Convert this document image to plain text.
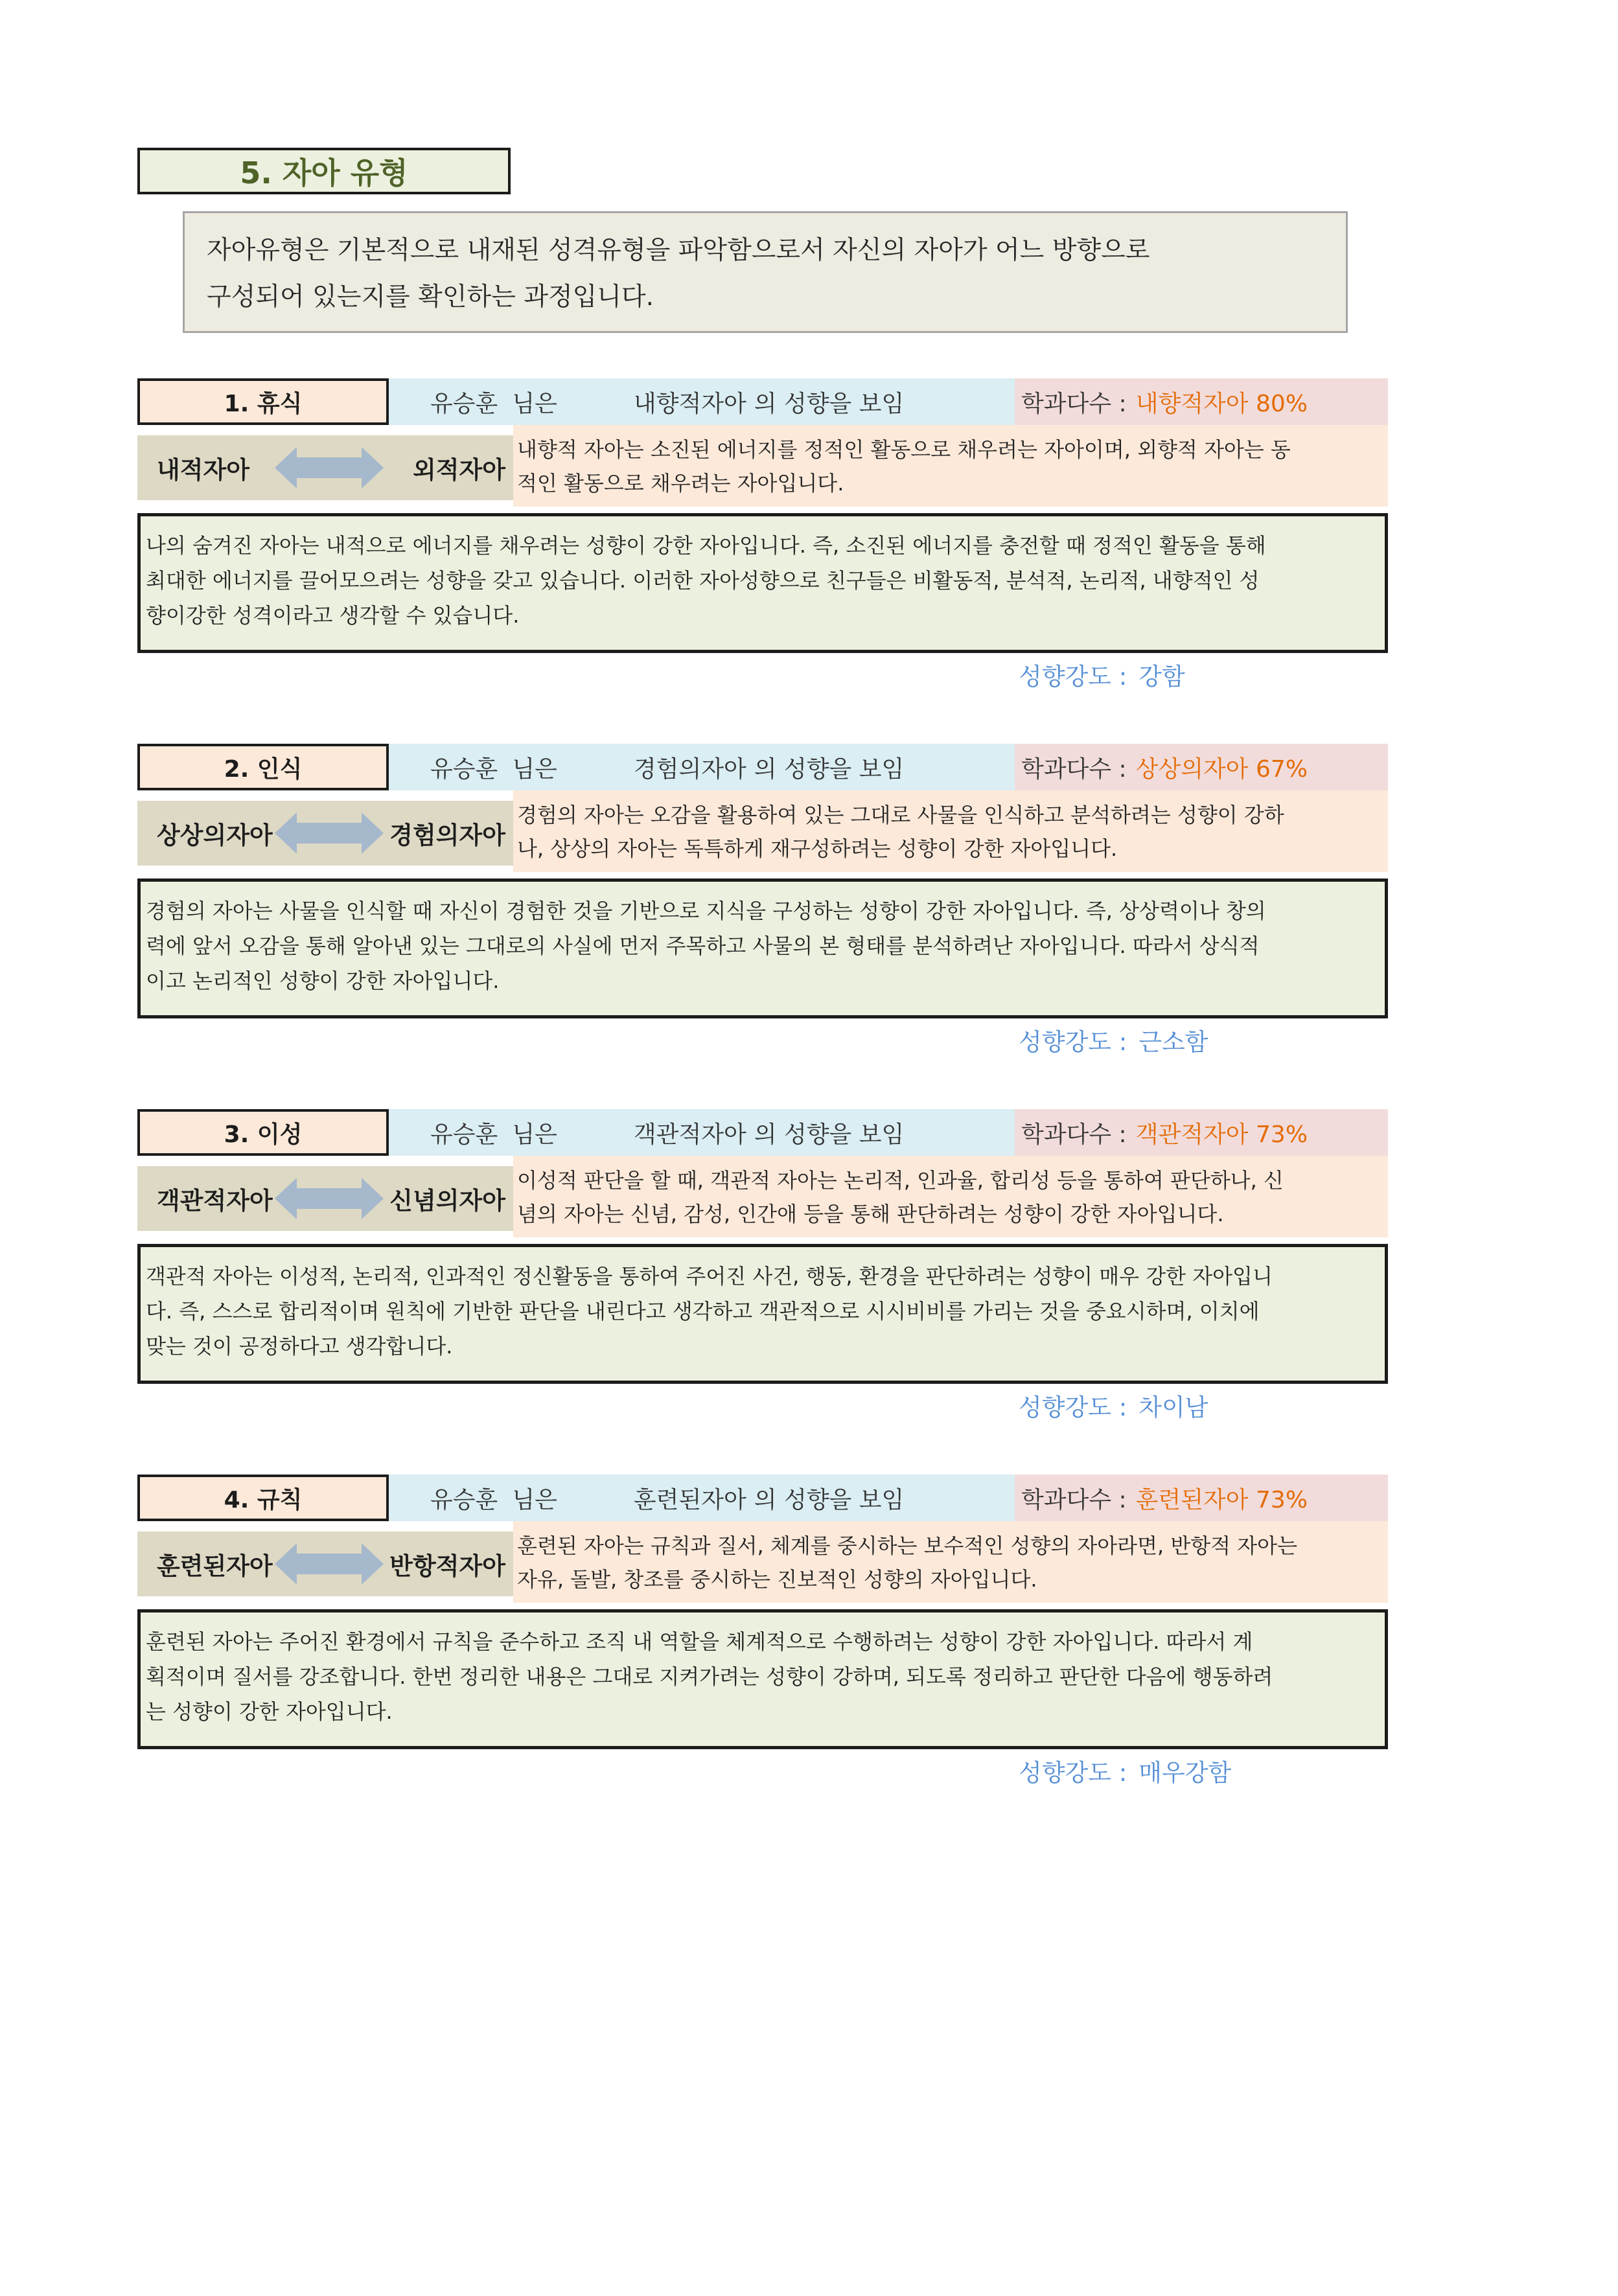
5. 자아 유형
자아유형은 기본적으로 내재된 성격유형을 파악함으로서 자신의 자아가 어느 방향으로
구성되어 있는지를 확인하는 과정입니다.
1. 휴식	유승훈 님은	내향적자아 의 성향을 보임	학과다수 : 내향적자아 80%
내적자아	외적자아
내향적 자아는 소진된 에너지를 정적인 활동으로 채우려는 자아이며, 외향적 자아는 동
적인 활동으로 채우려는 자아입니다.
나의 숨겨진 자아는 내적으로 에너지를 채우려는 성향이 강한 자아입니다. 즉, 소진된 에너지를 충전할 때 정적인 활동을 통해
최대한 에너지를 끌어모으려는 성향을 갖고 있습니다. 이러한 자아성향으로 친구들은 비활동적, 분석적, 논리적, 내향적인 성
향이강한 성격이라고 생각할 수 있습니다.
성향강도 : 강함
2. 인식	유승훈 님은	경험의자아 의 성향을 보임	학과다수 : 상상의자아 67%
상상의자아	경험의자아
경험의 자아는 오감을 활용하여 있는 그대로 사물을 인식하고 분석하려는 성향이 강하
나, 상상의 자아는 독특하게 재구성하려는 성향이 강한 자아입니다.
경험의 자아는 사물을 인식할 때 자신이 경험한 것을 기반으로 지식을 구성하는 성향이 강한 자아입니다. 즉, 상상력이나 창의
력에 앞서 오감을 통해 알아낸 있는 그대로의 사실에 먼저 주목하고 사물의 본 형태를 분석하려난 자아입니다. 따라서 상식적
이고 논리적인 성향이 강한 자아입니다.
성향강도 : 근소함
3. 이성	유승훈 님은	객관적자아 의 성향을 보임	학과다수 : 객관적자아 73%
객관적자아	신념의자아
이성적 판단을 할 때, 객관적 자아는 논리적, 인과율, 합리성 등을 통하여 판단하나, 신
념의 자아는 신념, 감성, 인간애 등을 통해 판단하려는 성향이 강한 자아입니다.
객관적 자아는 이성적, 논리적, 인과적인 정신활동을 통하여 주어진 사건, 행동, 환경을 판단하려는 성향이 매우 강한 자아입니
다. 즉, 스스로 합리적이며 원칙에 기반한 판단을 내린다고 생각하고 객관적으로 시시비비를 가리는 것을 중요시하며, 이치에
맞는 것이 공정하다고 생각합니다.
성향강도 : 차이남
4. 규칙	유승훈 님은	훈련된자아 의 성향을 보임	학과다수 : 훈련된자아 73%
훈련된자아	반항적자아
훈련된 자아는 규칙과 질서, 체계를 중시하는 보수적인 성향의 자아라면, 반항적 자아는
자유, 돌발, 창조를 중시하는 진보적인 성향의 자아입니다.
훈련된 자아는 주어진 환경에서 규칙을 준수하고 조직 내 역할을 체계적으로 수행하려는 성향이 강한 자아입니다. 따라서 계
획적이며 질서를 강조합니다. 한번 정리한 내용은 그대로 지켜가려는 성향이 강하며, 되도록 정리하고 판단한 다음에 행동하려
는 성향이 강한 자아입니다.
성향강도 : 매우강함
